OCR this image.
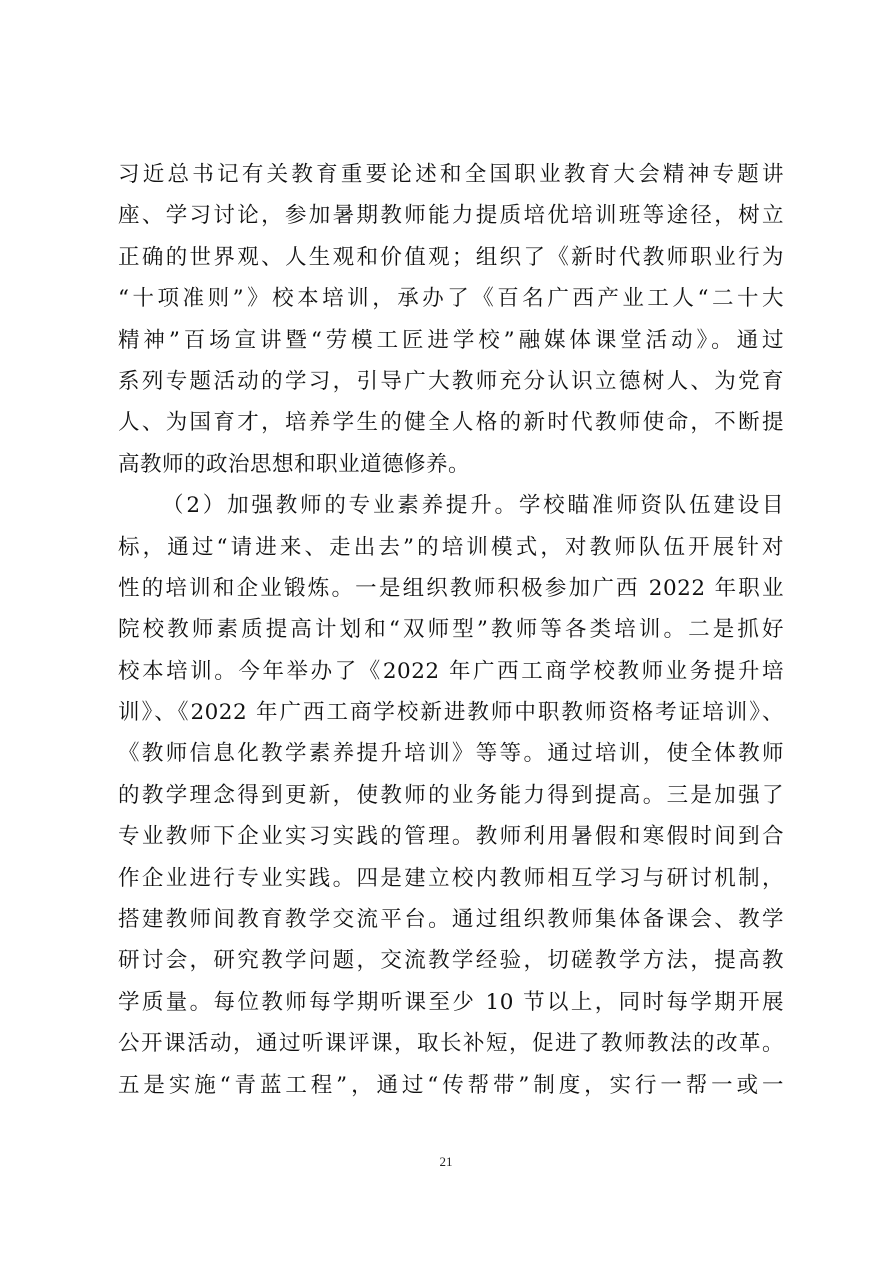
习近总书记有关教育重要论述和全国职业教育大会精神专题讲
座、学习讨论，参加暑期教师能力提质培优培训班等途径，树立
正确的世界观、人生观和价值观；组织了《新时代教师职业行为
“十项准则”》校本培训，承办了《百名广西产业工人“二十大
精神”百场宣讲暨“劳模工匠进学校”融媒体课堂活动》。通过
系列专题活动的学习，引导广大教师充分认识立德树人、为党育
人、为国育才，培养学生的健全人格的新时代教师使命，不断提
高教师的政治思想和职业道德修养。
（2）加强教师的专业素养提升。学校瞄准师资队伍建设目
标，通过“请进来、走出去”的培训模式，对教师队伍开展针对
性的培训和企业锻炼。一是组织教师积极参加广西 2022 年职业
院校教师素质提高计划和“双师型”教师等各类培训。二是抓好
校本培训。今年举办了《2022 年广西工商学校教师业务提升培
训》、《2022 年广西工商学校新进教师中职教师资格考证培训》、
《教师信息化教学素养提升培训》等等。通过培训，使全体教师
的教学理念得到更新，使教师的业务能力得到提高。三是加强了
专业教师下企业实习实践的管理。教师利用暑假和寒假时间到合
作企业进行专业实践。四是建立校内教师相互学习与研讨机制，
搭建教师间教育教学交流平台。通过组织教师集体备课会、教学
研讨会，研究教学问题，交流教学经验，切磋教学方法，提高教
学质量。每位教师每学期听课至少 10 节以上，同时每学期开展
公开课活动，通过听课评课，取长补短，促进了教师教法的改革。
五是实施“青蓝工程”，通过“传帮带”制度，实行一帮一或一
21
